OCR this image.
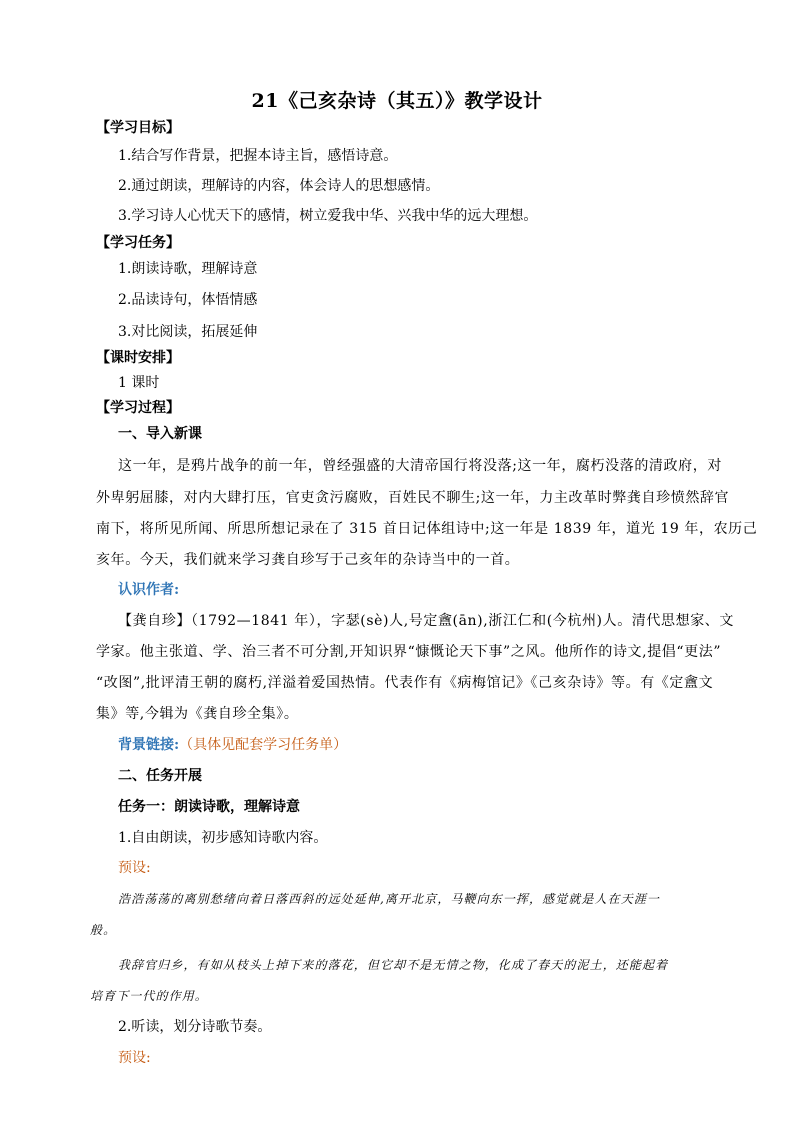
21《己亥杂诗（其五）》教学设计
【学习目标】
1.结合写作背景，把握本诗主旨，感悟诗意。
2.通过朗读，理解诗的内容，体会诗人的思想感情。
3.学习诗人心忧天下的感情，树立爱我中华、兴我中华的远大理想。
【学习任务】
1.朗读诗歌，理解诗意
2.品读诗句，体悟情感
3.对比阅读，拓展延伸
【课时安排】
1 课时
【学习过程】
一、导入新课
这一年，是鸦片战争的前一年，曾经强盛的大清帝国行将没落;这一年，腐朽没落的清政府，对
外卑躬屈膝，对内大肆打压，官吏贪污腐败，百姓民不聊生;这一年，力主改革时弊龚自珍愤然辞官
南下，将所见所闻、所思所想记录在了 315 首日记体组诗中;这一年是 1839 年，道光 19 年，农历己
亥年。今天，我们就来学习龚自珍写于己亥年的杂诗当中的一首。
认识作者:
【龚自珍】（1792—1841 年），字瑟(sè)人,号定盦(ān),浙江仁和(今杭州)人。清代思想家、文
学家。他主张道、学、治三者不可分割,开知识界“慷慨论天下事”之风。他所作的诗文,提倡“更法”
“改图”,批评清王朝的腐朽,洋溢着爱国热情。代表作有《病梅馆记》《己亥杂诗》等。有《定盦文
集》等,今辑为《龚自珍全集》。
背景链接:（具体见配套学习任务单）
二、任务开展
任务一：朗读诗歌，理解诗意
1.自由朗读，初步感知诗歌内容。
预设:
浩浩荡荡的离别愁绪向着日落西斜的远处延伸,离开北京，马鞭向东一挥，感觉就是人在天涯一
般。
我辞官归乡，有如从枝头上掉下来的落花，但它却不是无情之物，化成了春天的泥土，还能起着
培育下一代的作用。
2.听读，划分诗歌节奏。
预设:
